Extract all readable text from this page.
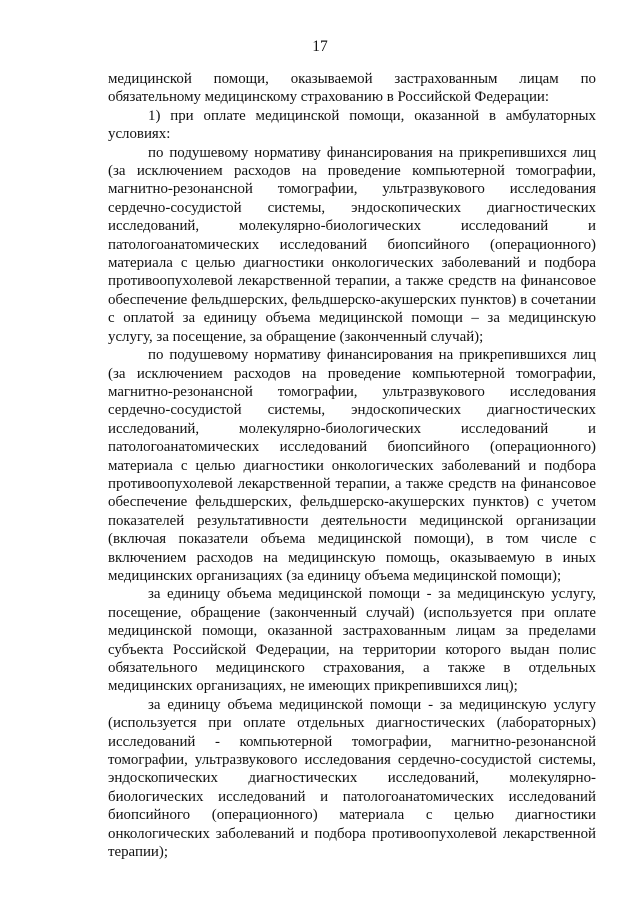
17

медицинской помощи, оказываемой застрахованным лицам по обязательному медицинскому страхованию в Российской Федерации:

1) при оплате медицинской помощи, оказанной в амбулаторных условиях:

по подушевому нормативу финансирования на прикрепившихся лиц (за исключением расходов на проведение компьютерной томографии, магнитно-резонансной томографии, ультразвукового исследования сердечно-сосудистой системы, эндоскопических диагностических исследований, молекулярно-биологических исследований и патологоанатомических исследований биопсийного (операционного) материала с целью диагностики онкологических заболеваний и подбора противоопухолевой лекарственной терапии, а также средств на финансовое обеспечение фельдшерских, фельдшерско-акушерских пунктов) в сочетании с оплатой за единицу объема медицинской помощи – за медицинскую услугу, за посещение, за обращение (законченный случай);

по подушевому нормативу финансирования на прикрепившихся лиц (за исключением расходов на проведение компьютерной томографии, магнитно-резонансной томографии, ультразвукового исследования сердечно-сосудистой системы, эндоскопических диагностических исследований, молекулярно-биологических исследований и патологоанатомических исследований биопсийного (операционного) материала с целью диагностики онкологических заболеваний и подбора противоопухолевой лекарственной терапии, а также средств на финансовое обеспечение фельдшерских, фельдшерско-акушерских пунктов) с учетом показателей результативности деятельности медицинской организации (включая показатели объема медицинской помощи), в том числе с включением расходов на медицинскую помощь, оказываемую в иных медицинских организациях (за единицу объема медицинской помощи);

за единицу объема медицинской помощи - за медицинскую услугу, посещение, обращение (законченный случай) (используется при оплате медицинской помощи, оказанной застрахованным лицам за пределами субъекта Российской Федерации, на территории которого выдан полис обязательного медицинского страхования, а также в отдельных медицинских организациях, не имеющих прикрепившихся лиц);

за единицу объема медицинской помощи - за медицинскую услугу (используется при оплате отдельных диагностических (лабораторных) исследований - компьютерной томографии, магнитно-резонансной томографии, ультразвукового исследования сердечно-сосудистой системы, эндоскопических диагностических исследований, молекулярно-биологических исследований и патологоанатомических исследований биопсийного (операционного) материала с целью диагностики онкологических заболеваний и подбора противоопухолевой лекарственной терапии);
